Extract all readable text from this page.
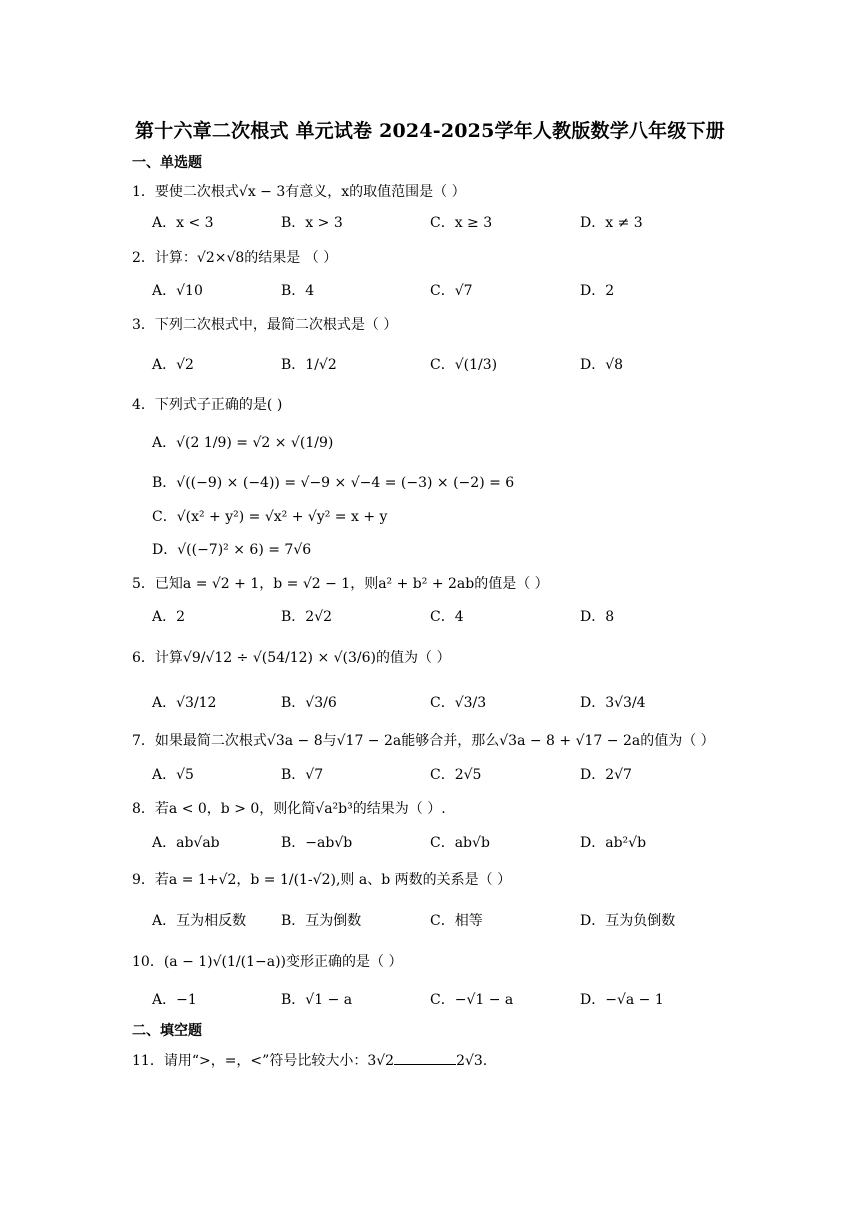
第十六章二次根式 单元试卷 2024-2025学年人教版数学八年级下册
一、单选题
1．要使二次根式√x − 3有意义，x的取值范围是（ ）
A．x < 3	B．x > 3	C．x ≥ 3	D．x ≠ 3
2．计算：√2×√8的结果是 （ ）
A．√10	B．4	C．√7	D．2
3．下列二次根式中，最简二次根式是（ ）
A．√2	B．1/√2	C．√(1/3)	D．√8
4．下列式子正确的是( )
A．√(2 1/9) = √2 × √(1/9)
B．√((−9) × (−4)) = √−9 × √−4 = (−3) × (−2) = 6
C．√(x² + y²) = √x² + √y² = x + y
D．√((−7)² × 6) = 7√6
5．已知a = √2 + 1，b = √2 − 1，则a² + b² + 2ab的值是（ ）
A．2	B．2√2	C．4	D．8
6．计算√9/√12 ÷ √(54/12) × √(3/6)的值为（ ）
A．√3/12	B．√3/6	C．√3/3	D．3√3/4
7．如果最简二次根式√3a − 8与√17 − 2a能够合并，那么√3a − 8 + √17 − 2a的值为（ ）
A．√5	B．√7	C．2√5	D．2√7
8．若a < 0，b > 0，则化简√a²b³的结果为（ ）.
A．ab√ab	B．−ab√b	C．ab√b	D．ab²√b
9．若a = 1+√2，b = 1/(1-√2),则 a、b 两数的关系是（ ）
A．互为相反数 B．互为倒数	C．相等	D．互为负倒数
10．(a − 1)√(1/(1−a))变形正确的是（ ）
A．−1	B．√1 − a	C．−√1 − a	D．−√a − 1
二、填空题
11．请用“>，=，<”符号比较大小：3√2	2√3.
